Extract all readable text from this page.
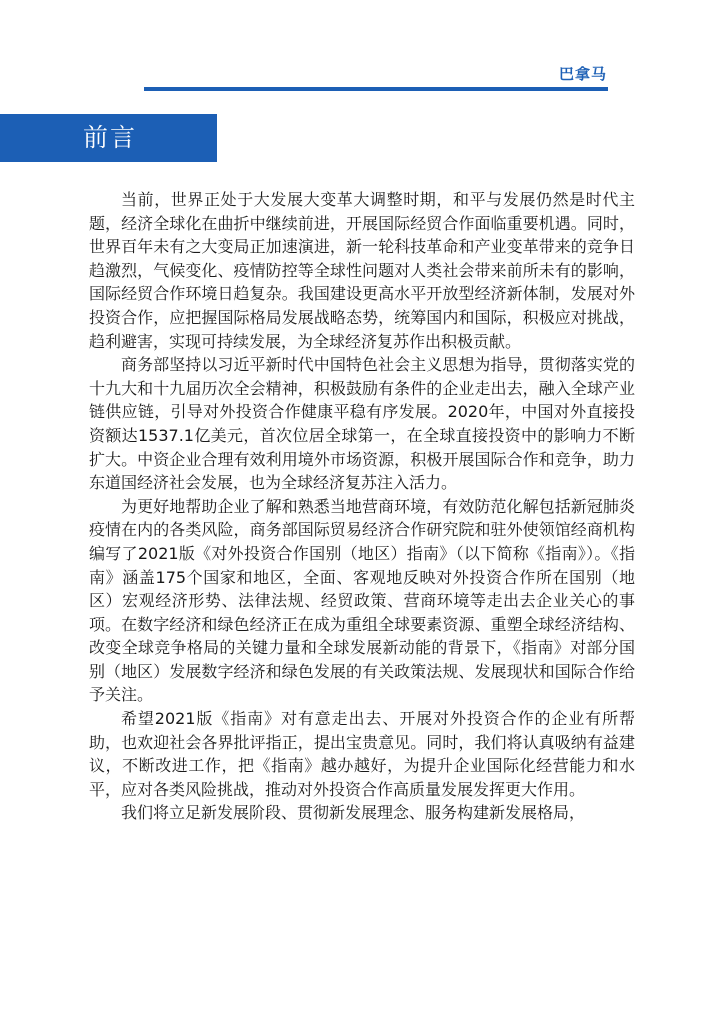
巴拿马
前言

当前，世界正处于大发展大变革大调整时期，和平与发展仍然是时代主题，经济全球化在曲折中继续前进，开展国际经贸合作面临重要机遇。同时，世界百年未有之大变局正加速演进，新一轮科技革命和产业变革带来的竞争日趋激烈，气候变化、疫情防控等全球性问题对人类社会带来前所未有的影响，国际经贸合作环境日趋复杂。我国建设更高水平开放型经济新体制，发展对外投资合作，应把握国际格局发展战略态势，统筹国内和国际，积极应对挑战，趋利避害，实现可持续发展，为全球经济复苏作出积极贡献。

商务部坚持以习近平新时代中国特色社会主义思想为指导，贯彻落实党的十九大和十九届历次全会精神，积极鼓励有条件的企业走出去，融入全球产业链供应链，引导对外投资合作健康平稳有序发展。2020年，中国对外直接投资额达1537.1亿美元，首次位居全球第一，在全球直接投资中的影响力不断扩大。中资企业合理有效利用境外市场资源，积极开展国际合作和竞争，助力东道国经济社会发展，也为全球经济复苏注入活力。

为更好地帮助企业了解和熟悉当地营商环境，有效防范化解包括新冠肺炎疫情在内的各类风险，商务部国际贸易经济合作研究院和驻外使领馆经商机构编写了2021版《对外投资合作国别（地区）指南》（以下简称《指南》）。《指南》涵盖175个国家和地区，全面、客观地反映对外投资合作所在国别（地区）宏观经济形势、法律法规、经贸政策、营商环境等走出去企业关心的事项。在数字经济和绿色经济正在成为重组全球要素资源、重塑全球经济结构、改变全球竞争格局的关键力量和全球发展新动能的背景下，《指南》对部分国别（地区）发展数字经济和绿色发展的有关政策法规、发展现状和国际合作给予关注。

希望2021版《指南》对有意走出去、开展对外投资合作的企业有所帮助，也欢迎社会各界批评指正，提出宝贵意见。同时，我们将认真吸纳有益建议，不断改进工作，把《指南》越办越好，为提升企业国际化经营能力和水平，应对各类风险挑战，推动对外投资合作高质量发展发挥更大作用。

我们将立足新发展阶段、贯彻新发展理念、服务构建新发展格局，
